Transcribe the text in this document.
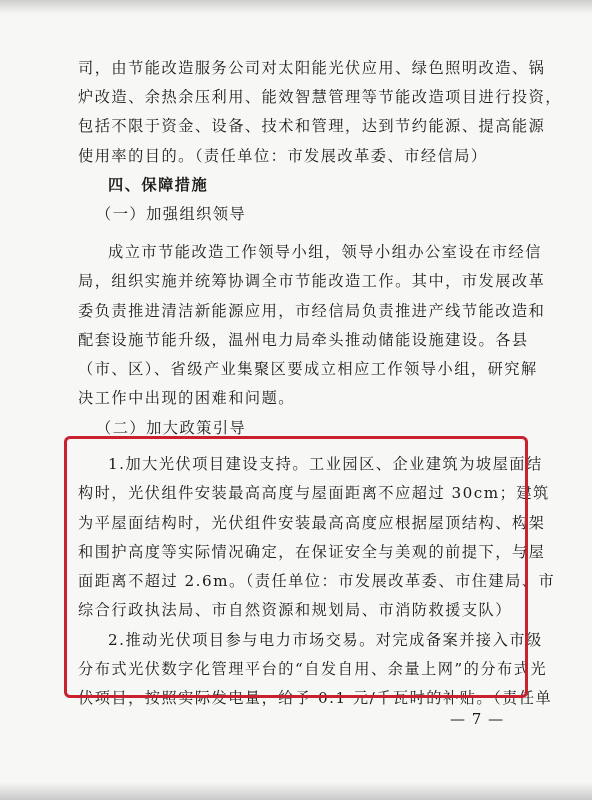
司，由节能改造服务公司对太阳能光伏应用、绿色照明改造、锅
炉改造、余热余压利用、能效智慧管理等节能改造项目进行投资，
包括不限于资金、设备、技术和管理，达到节约能源、提高能源
使用率的目的。（责任单位：市发展改革委、市经信局）
四、保障措施
（一）加强组织领导
成立市节能改造工作领导小组，领导小组办公室设在市经信
局，组织实施并统筹协调全市节能改造工作。其中，市发展改革
委负责推进清洁新能源应用，市经信局负责推进产线节能改造和
配套设施节能升级，温州电力局牵头推动储能设施建设。各县
（市、区）、省级产业集聚区要成立相应工作领导小组，研究解
决工作中出现的困难和问题。
（二）加大政策引导
1.加大光伏项目建设支持。工业园区、企业建筑为坡屋面结
构时，光伏组件安装最高高度与屋面距离不应超过 30cm；建筑
为平屋面结构时，光伏组件安装最高高度应根据屋顶结构、构架
和围护高度等实际情况确定，在保证安全与美观的前提下，与屋
面距离不超过 2.6m。（责任单位：市发展改革委、市住建局、市
综合行政执法局、市自然资源和规划局、市消防救援支队）
2.推动光伏项目参与电力市场交易。对完成备案并接入市级
分布式光伏数字化管理平台的“自发自用、余量上网”的分布式光
伏项目，按照实际发电量，给予 0.1 元/千瓦时的补贴。（责任单
— 7 —
